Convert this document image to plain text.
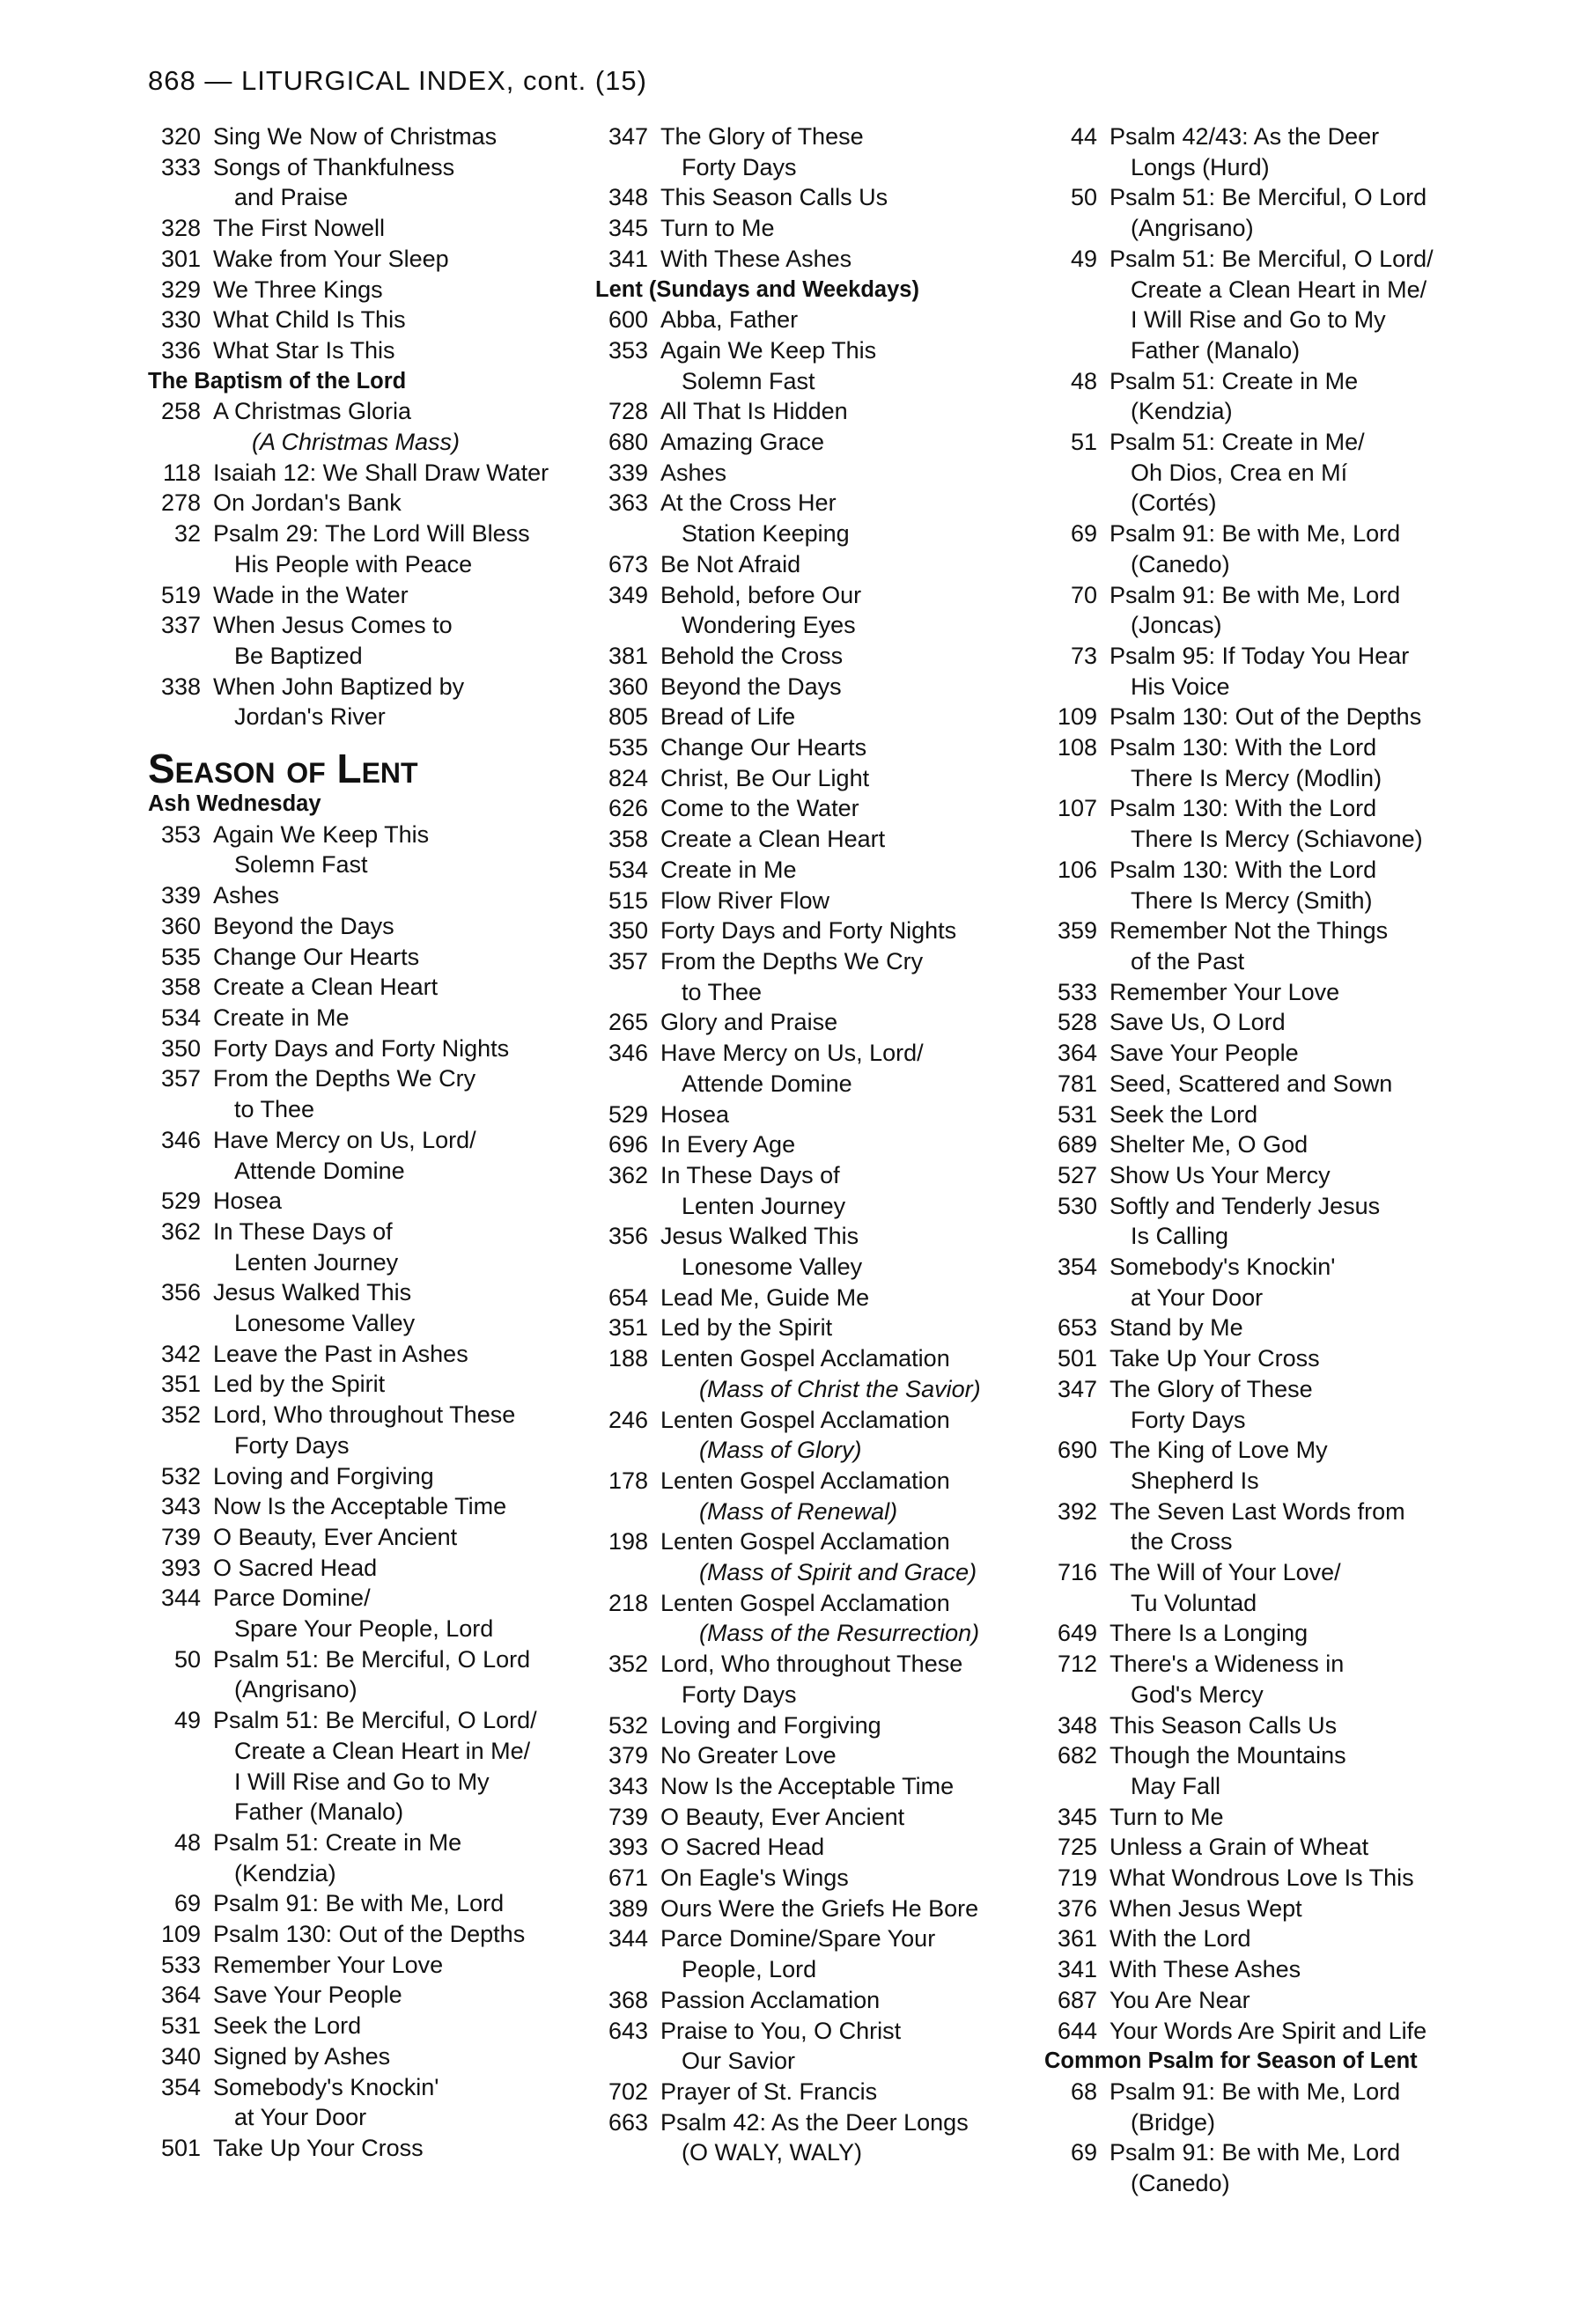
868 — LITURGICAL INDEX, cont. (15)
320 Sing We Now of Christmas
333 Songs of Thankfulness
and Praise
328 The First Nowell
301 Wake from Your Sleep
329 We Three Kings
330 What Child Is This
336 What Star Is This
The Baptism of the Lord
258 A Christmas Gloria
(A Christmas Mass)
118 Isaiah 12: We Shall Draw Water
278 On Jordan's Bank
32 Psalm 29: The Lord Will Bless
His People with Peace
519 Wade in the Water
337 When Jesus Comes to
Be Baptized
338 When John Baptized by
Jordan's River
Season of Lent
Ash Wednesday
353 Again We Keep This
Solemn Fast
339 Ashes
360 Beyond the Days
535 Change Our Hearts
358 Create a Clean Heart
534 Create in Me
350 Forty Days and Forty Nights
357 From the Depths We Cry
to Thee
346 Have Mercy on Us, Lord/
Attende Domine
529 Hosea
362 In These Days of
Lenten Journey
356 Jesus Walked This
Lonesome Valley
342 Leave the Past in Ashes
351 Led by the Spirit
352 Lord, Who throughout These
Forty Days
532 Loving and Forgiving
343 Now Is the Acceptable Time
739 O Beauty, Ever Ancient
393 O Sacred Head
344 Parce Domine/
Spare Your People, Lord
50 Psalm 51: Be Merciful, O Lord
(Angrisano)
49 Psalm 51: Be Merciful, O Lord/
Create a Clean Heart in Me/
I Will Rise and Go to My
Father (Manalo)
48 Psalm 51: Create in Me
(Kendzia)
69 Psalm 91: Be with Me, Lord
109 Psalm 130: Out of the Depths
533 Remember Your Love
364 Save Your People
531 Seek the Lord
340 Signed by Ashes
354 Somebody's Knockin'
at Your Door
501 Take Up Your Cross
347 The Glory of These
Forty Days
348 This Season Calls Us
345 Turn to Me
341 With These Ashes
Lent (Sundays and Weekdays)
600 Abba, Father
353 Again We Keep This
Solemn Fast
728 All That Is Hidden
680 Amazing Grace
339 Ashes
363 At the Cross Her
Station Keeping
673 Be Not Afraid
349 Behold, before Our
Wondering Eyes
381 Behold the Cross
360 Beyond the Days
805 Bread of Life
535 Change Our Hearts
824 Christ, Be Our Light
626 Come to the Water
358 Create a Clean Heart
534 Create in Me
515 Flow River Flow
350 Forty Days and Forty Nights
357 From the Depths We Cry
to Thee
265 Glory and Praise
346 Have Mercy on Us, Lord/
Attende Domine
529 Hosea
696 In Every Age
362 In These Days of
Lenten Journey
356 Jesus Walked This
Lonesome Valley
654 Lead Me, Guide Me
351 Led by the Spirit
188 Lenten Gospel Acclamation
(Mass of Christ the Savior)
246 Lenten Gospel Acclamation
(Mass of Glory)
178 Lenten Gospel Acclamation
(Mass of Renewal)
198 Lenten Gospel Acclamation
(Mass of Spirit and Grace)
218 Lenten Gospel Acclamation
(Mass of the Resurrection)
352 Lord, Who throughout These
Forty Days
532 Loving and Forgiving
379 No Greater Love
343 Now Is the Acceptable Time
739 O Beauty, Ever Ancient
393 O Sacred Head
671 On Eagle's Wings
389 Ours Were the Griefs He Bore
344 Parce Domine/Spare Your
People, Lord
368 Passion Acclamation
643 Praise to You, O Christ
Our Savior
702 Prayer of St. Francis
663 Psalm 42: As the Deer Longs
(O WALY, WALY)
44 Psalm 42/43: As the Deer
Longs (Hurd)
50 Psalm 51: Be Merciful, O Lord
(Angrisano)
49 Psalm 51: Be Merciful, O Lord/
Create a Clean Heart in Me/
I Will Rise and Go to My
Father (Manalo)
48 Psalm 51: Create in Me
(Kendzia)
51 Psalm 51: Create in Me/
Oh Dios, Crea en Mí
(Cortés)
69 Psalm 91: Be with Me, Lord
(Canedo)
70 Psalm 91: Be with Me, Lord
(Joncas)
73 Psalm 95: If Today You Hear
His Voice
109 Psalm 130: Out of the Depths
108 Psalm 130: With the Lord
There Is Mercy (Modlin)
107 Psalm 130: With the Lord
There Is Mercy (Schiavone)
106 Psalm 130: With the Lord
There Is Mercy (Smith)
359 Remember Not the Things
of the Past
533 Remember Your Love
528 Save Us, O Lord
364 Save Your People
781 Seed, Scattered and Sown
531 Seek the Lord
689 Shelter Me, O God
527 Show Us Your Mercy
530 Softly and Tenderly Jesus
Is Calling
354 Somebody's Knockin'
at Your Door
653 Stand by Me
501 Take Up Your Cross
347 The Glory of These
Forty Days
690 The King of Love My
Shepherd Is
392 The Seven Last Words from
the Cross
716 The Will of Your Love/
Tu Voluntad
649 There Is a Longing
712 There's a Wideness in
God's Mercy
348 This Season Calls Us
682 Though the Mountains
May Fall
345 Turn to Me
725 Unless a Grain of Wheat
719 What Wondrous Love Is This
376 When Jesus Wept
361 With the Lord
341 With These Ashes
687 You Are Near
644 Your Words Are Spirit and Life
Common Psalm for Season of Lent
68 Psalm 91: Be with Me, Lord
(Bridge)
69 Psalm 91: Be with Me, Lord
(Canedo)
